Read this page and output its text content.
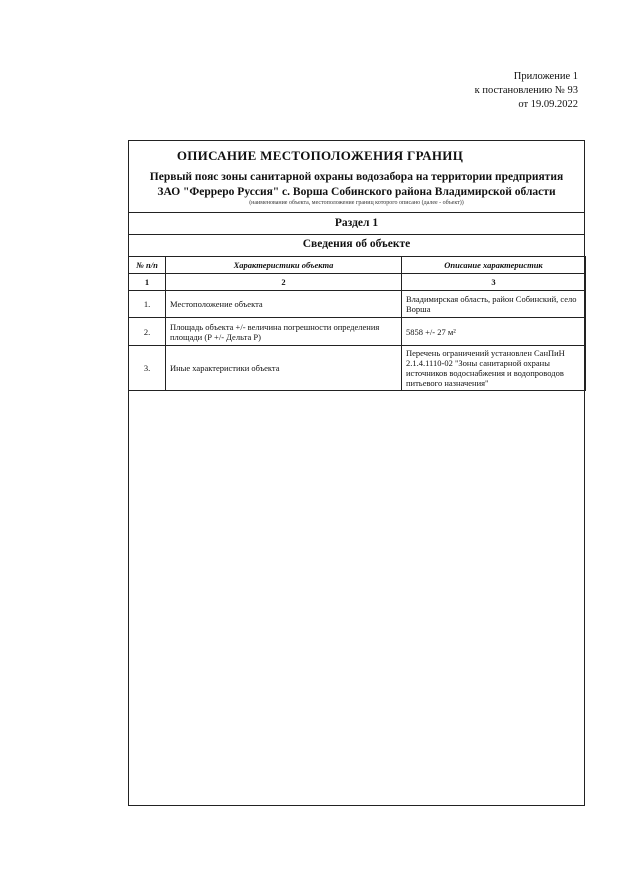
Приложение 1
к постановлению № 93
от 19.09.2022
ОПИСАНИЕ МЕСТОПОЛОЖЕНИЯ ГРАНИЦ
Первый пояс зоны санитарной охраны водозабора на территории предприятия
ЗАО "Ферреро Руссия" с. Ворша Собинского района Владимирской области
(наименование объекта, местоположение границ которого описано (далее - объект))
Раздел 1
Сведения об объекте
№ п/п	Характеристики объекта	Описание характеристик
1	2	3
1.	Местоположение объекта	Владимирская область, район Собинский, село Ворша
2.	Площадь объекта +/- величина погрешности определения площади (Р +/- Дельта Р)	5858 +/- 27 м²
3.	Иные характеристики объекта	Перечень ограничений установлен СанПиН 2.1.4.1110-02 "Зоны санитарной охраны источников водоснабжения и водопроводов питьевого назначения"
